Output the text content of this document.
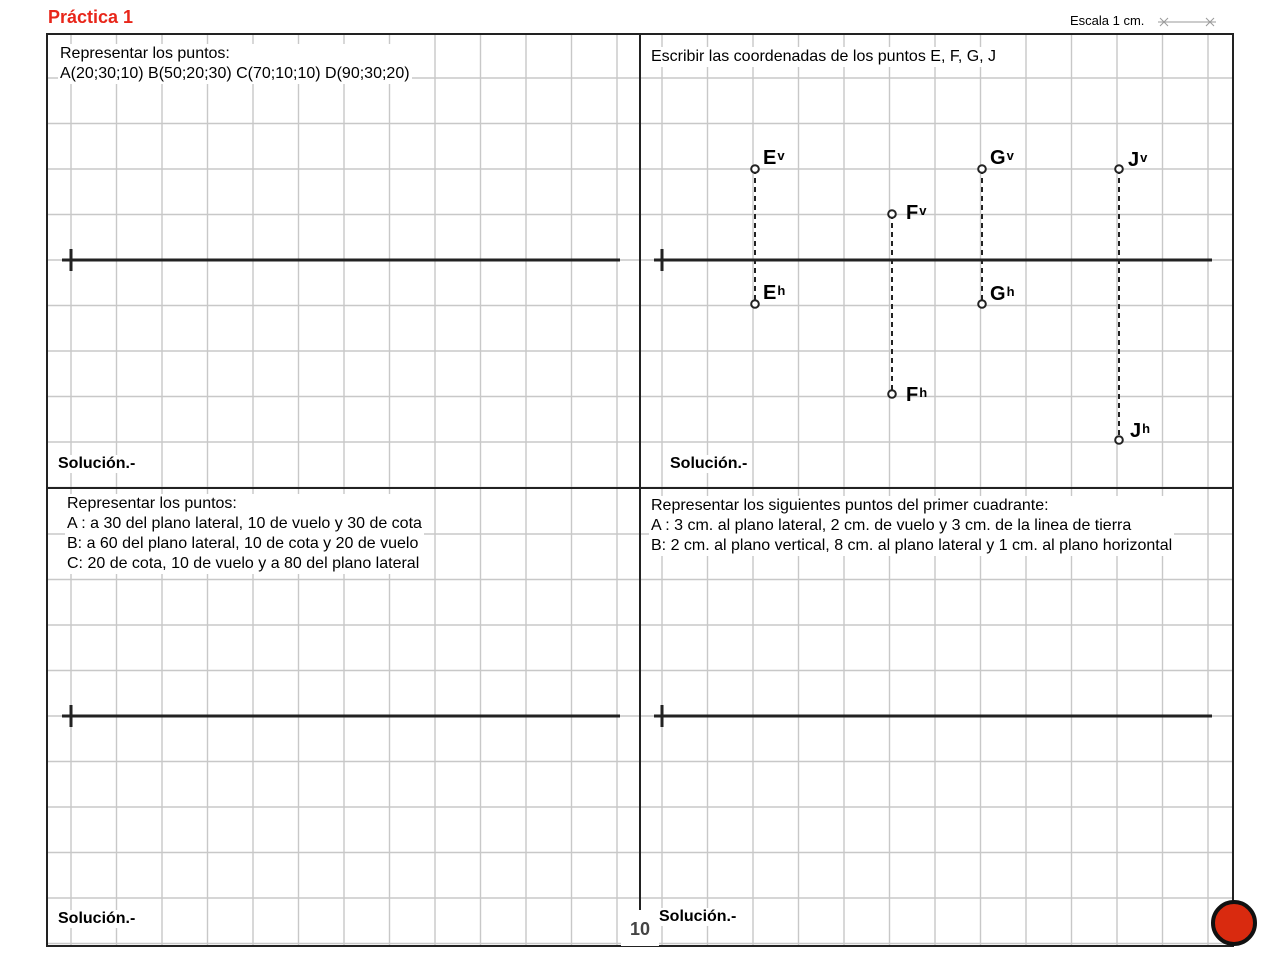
Práctica 1	Escala 1 cm.
Representar los puntos:
A(20;30;10) B(50;20;30) C(70;10;10) D(90;30;20)
Solución.-
Escribir las coordenadas de los puntos E, F, G, J
Solución.-
$E^v$
$E^h$
$F^v$
$F^h$
$G^v$
$G^h$
$J^v$
$J^h$
Representar los puntos:
A : a 30 del plano lateral, 10 de vuelo y 30 de cota
B: a 60 del plano lateral, 10 de cota y 20 de vuelo
C: 20 de cota, 10 de vuelo y a 80 del plano lateral
Solución.-
Representar los siguientes puntos del primer cuadrante:
A : 3 cm. al plano lateral, 2 cm. de vuelo y 3 cm. de la linea de tierra
B: 2 cm. al plano vertical, 8 cm. al plano lateral y 1 cm. al plano horizontal
Solución.-
10
